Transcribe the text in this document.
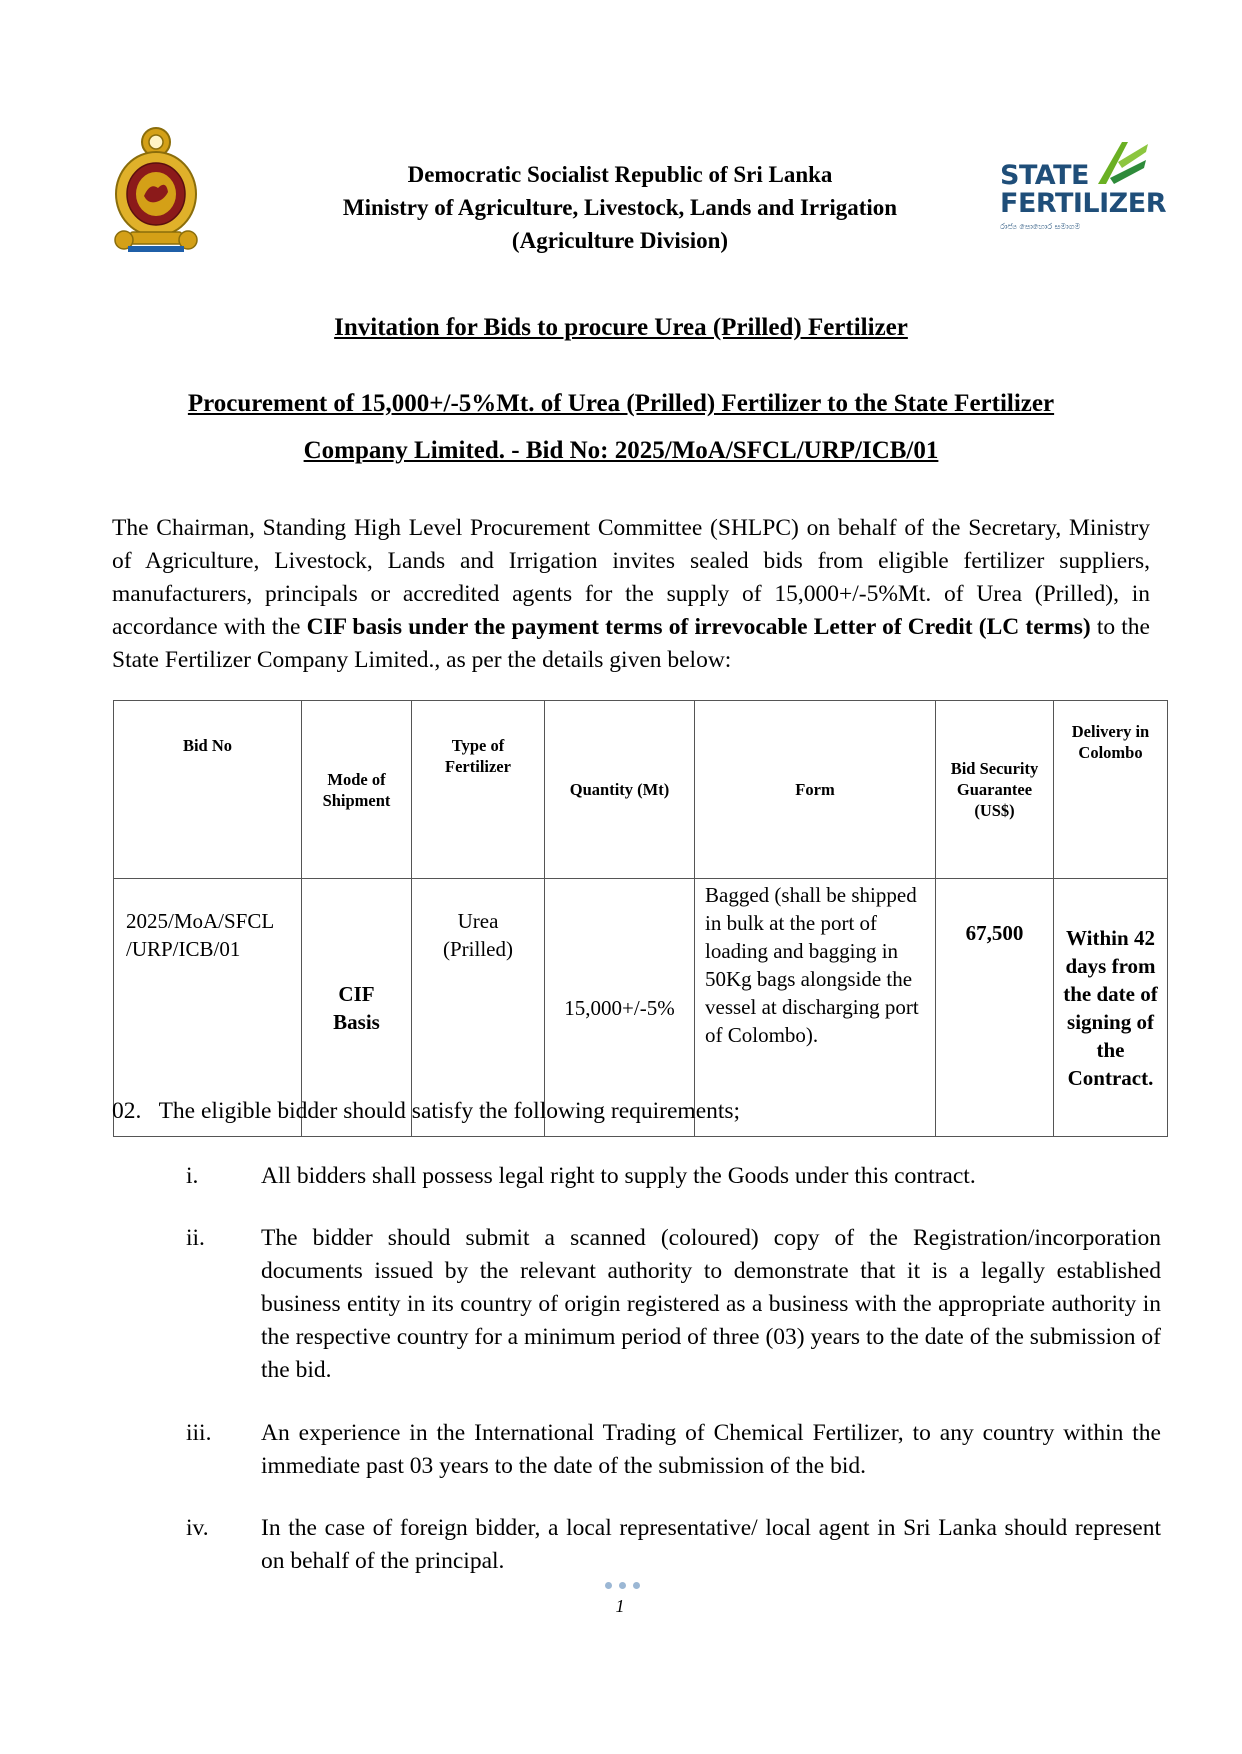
Democratic Socialist Republic of Sri Lanka
Ministry of Agriculture, Livestock, Lands and Irrigation
(Agriculture Division)
STATE
FERTILIZER
රාජ්‍ය පොහොර සමාගම
Invitation for Bids to procure Urea (Prilled) Fertilizer
Procurement of 15,000+/-5%Mt. of Urea (Prilled) Fertilizer to the State Fertilizer
Company Limited. - Bid No: 2025/MoA/SFCL/URP/ICB/01
The Chairman, Standing High Level Procurement Committee (SHLPC) on behalf of the Secretary, Ministry of Agriculture, Livestock, Lands and Irrigation invites sealed bids from eligible fertilizer suppliers, manufacturers, principals or accredited agents for the supply of 15,000+/-5%Mt. of Urea (Prilled), in accordance with the CIF basis under the payment terms of irrevocable Letter of Credit (LC terms) to the State Fertilizer Company Limited., as per the details given below:
Bid No	Mode of Shipment	Type of Fertilizer	Quantity (Mt)	Form	Bid Security Guarantee (US$)	Delivery in Colombo

2025/MoA/SFCL /URP/ICB/01	CIF Basis	Urea (Prilled)	15,000+/-5%	Bagged (shall be shipped in bulk at the port of loading and bagging in 50Kg bags alongside the vessel at discharging port of Colombo).	67,500	Within 42 days from the date of signing of the Contract.
02.   The eligible bidder should satisfy the following requirements;
i.	All bidders shall possess legal right to supply the Goods under this contract.
ii. The bidder should submit a scanned (coloured) copy of the Registration/incorporation documents issued by the relevant authority to demonstrate that it is a legally established business entity in its country of origin registered as a business with the appropriate authority in the respective country for a minimum period of three (03) years to the date of the submission of the bid.
iii. An experience in the International Trading of Chemical Fertilizer, to any country within the immediate past 03 years to the date of the submission of the bid.
iv. In the case of foreign bidder, a local representative/ local agent in Sri Lanka should represent on behalf of the principal.
1
